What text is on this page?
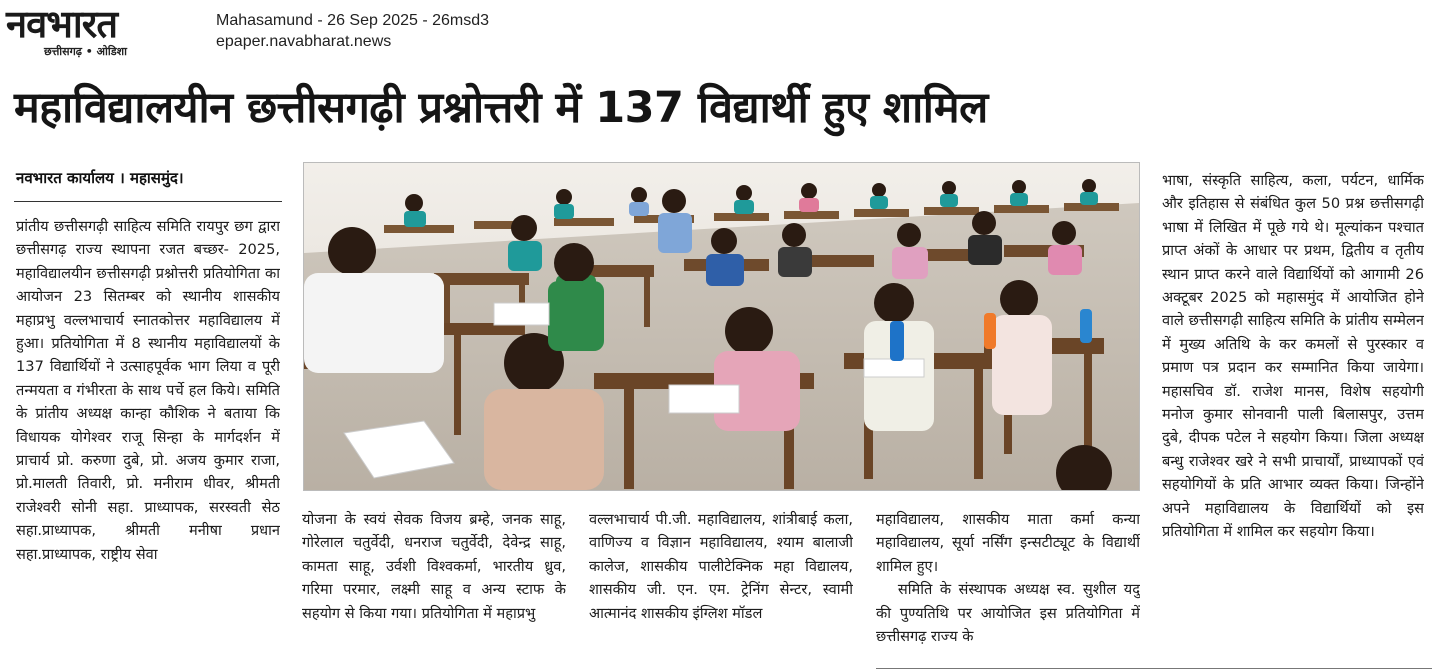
नवभारत
छत्तीसगढ़ • ओडिशा
Mahasamund - 26 Sep 2025 - 26msd3
epaper.navabharat.news
महाविद्यालयीन छत्तीसगढ़ी प्रश्नोत्तरी में 137 विद्यार्थी हुए शामिल
नवभारत कार्यालय । महासमुंद।
प्रांतीय छत्तीसगढ़ी साहित्य समिति रायपुर छग द्वारा छत्तीसगढ़ राज्य स्थापना रजत बच्छर- 2025, महाविद्यालयीन छत्तीसगढ़ी प्रश्नोत्तरी प्रतियोगिता का आयोजन 23 सितम्बर को स्थानीय शासकीय महाप्रभु वल्लभाचार्य स्नातकोत्तर महाविद्यालय में हुआ। प्रतियोगिता में 8 स्थानीय महाविद्यालयों के 137 विद्यार्थियों ने उत्साहपूर्वक भाग लिया व पूरी तन्मयता व गंभीरता के साथ पर्चे हल किये। समिति के प्रांतीय अध्यक्ष कान्हा कौशिक ने बताया कि विधायक योगेश्वर राजू सिन्हा के मार्गदर्शन में प्राचार्य प्रो. करुणा दुबे, प्रो. अजय कुमार राजा, प्रो.मालती तिवारी, प्रो. मनीराम धीवर, श्रीमती राजेश्वरी सोनी सहा. प्राध्यापक, सरस्वती सेठ सहा.प्राध्यापक, श्रीमती मनीषा प्रधान सहा.प्राध्यापक, राष्ट्रीय सेवा
योजना के स्वयं सेवक विजय ब्रम्हे, जनक साहू, गोरेलाल चतुर्वेदी, धनराज चतुर्वेदी, देवेन्द्र साहू, कामता साहू, उर्वशी विश्वकर्मा, भारतीय ध्रुव, गरिमा परमार, लक्ष्मी साहू व अन्य स्टाफ के सहयोग से किया गया। प्रतियोगिता में महाप्रभु
वल्लभाचार्य पी.जी. महाविद्यालय, शांत्रीबाई कला, वाणिज्य व विज्ञान महाविद्यालय, श्याम बालाजी कालेज, शासकीय पालीटेक्निक महा विद्यालय, शासकीय जी. एन. एम. ट्रेनिंग सेन्टर, स्वामी आत्मानंद शासकीय इंग्लिश मॉडल
महाविद्यालय, शासकीय माता कर्मा कन्या महाविद्यालय, सूर्या नर्सिंग इन्सटीट्यूट के विद्यार्थी शामिल हुए।
समिति के संस्थापक अध्यक्ष स्व. सुशील यदु की पुण्यतिथि पर आयोजित इस प्रतियोगिता में छत्तीसगढ़ राज्य के
भाषा, संस्कृति साहित्य, कला, पर्यटन, धार्मिक और इतिहास से संबंधित कुल 50 प्रश्न छत्तीसगढ़ी भाषा में लिखित में पूछे गये थे। मूल्यांकन पश्चात प्राप्त अंकों के आधार पर प्रथम, द्वितीय व तृतीय स्थान प्राप्त करने वाले विद्यार्थियों को आगामी 26 अक्टूबर 2025 को महासमुंद में आयोजित होने वाले छत्तीसगढ़ी साहित्य समिति के प्रांतीय सम्मेलन में मुख्य अतिथि के कर कमलों से पुरस्कार व प्रमाण पत्र प्रदान कर सम्मानित किया जायेगा। महासचिव डॉ. राजेश मानस, विशेष सहयोगी मनोज कुमार सोनवानी पाली बिलासपुर, उत्तम दुबे, दीपक पटेल ने सहयोग किया। जिला अध्यक्ष बन्धु राजेश्वर खरे ने सभी प्राचार्यों, प्राध्यापकों एवं सहयोगियों के प्रति आभार व्यक्त किया। जिन्होंने अपने महाविद्यालय के विद्यार्थियों को इस प्रतियोगिता में शामिल कर सहयोग किया।
